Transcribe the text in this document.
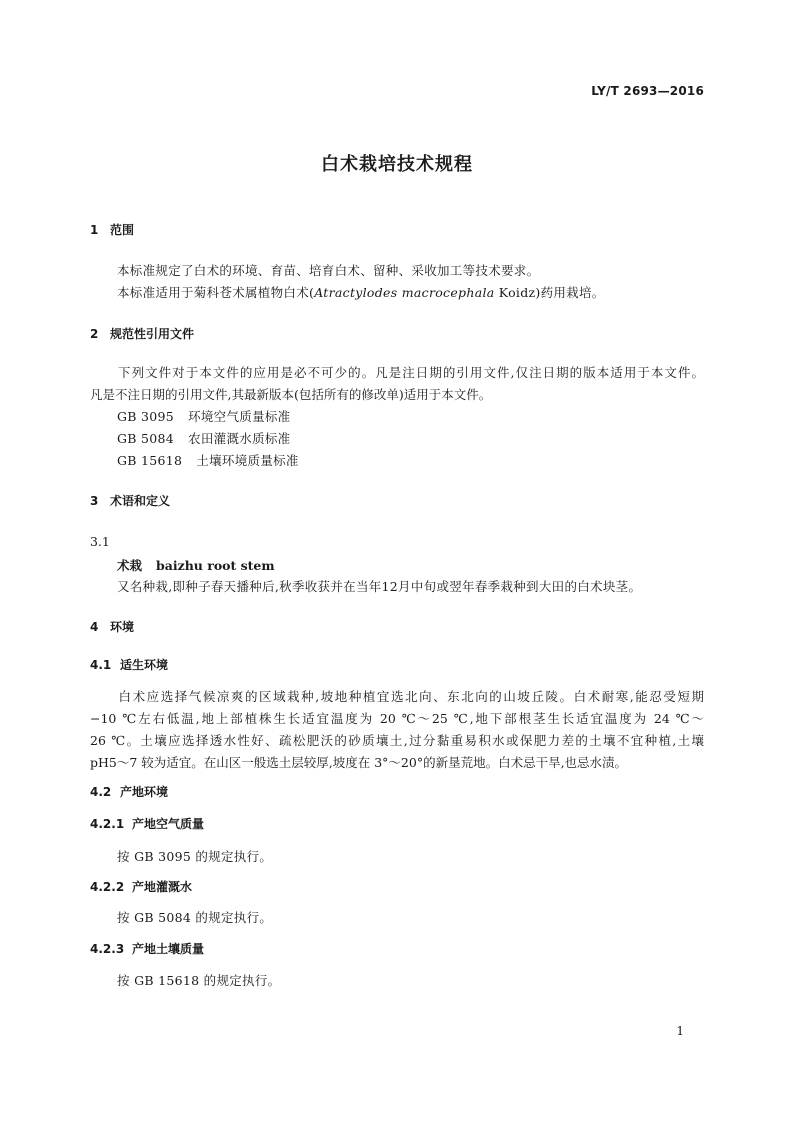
LY/T 2693—2016
白术栽培技术规程
1 范围
本标准规定了白术的环境、育苗、培育白术、留种、采收加工等技术要求。
本标准适用于菊科苍术属植物白术(Atractylodes macrocephala Koidz)药用栽培。
2 规范性引用文件
下列文件对于本文件的应用是必不可少的。凡是注日期的引用文件,仅注日期的版本适用于本文件。
凡是不注日期的引用文件,其最新版本(包括所有的修改单)适用于本文件。
GB 3095 环境空气质量标准
GB 5084 农田灌溉水质标准
GB 15618 土壤环境质量标准
3 术语和定义
3.1
术栽 baizhu root stem
又名种栽,即种子春天播种后,秋季收获并在当年12月中旬或翌年春季栽种到大田的白术块茎。
4 环境
4.1 适生环境
白术应选择气候凉爽的区域栽种,坡地种植宜选北向、东北向的山坡丘陵。白术耐寒,能忍受短期
−10 ℃左右低温,地上部植株生长适宜温度为 20 ℃～25 ℃,地下部根茎生长适宜温度为 24 ℃～
26 ℃。土壤应选择透水性好、疏松肥沃的砂质壤土,过分黏重易积水或保肥力差的土壤不宜种植,土壤
pH5～7 较为适宜。在山区一般选土层较厚,坡度在 3°～20°的新垦荒地。白术忌干旱,也忌水渍。
4.2 产地环境
4.2.1 产地空气质量
按 GB 3095 的规定执行。
4.2.2 产地灌溉水
按 GB 5084 的规定执行。
4.2.3 产地土壤质量
按 GB 15618 的规定执行。
1
